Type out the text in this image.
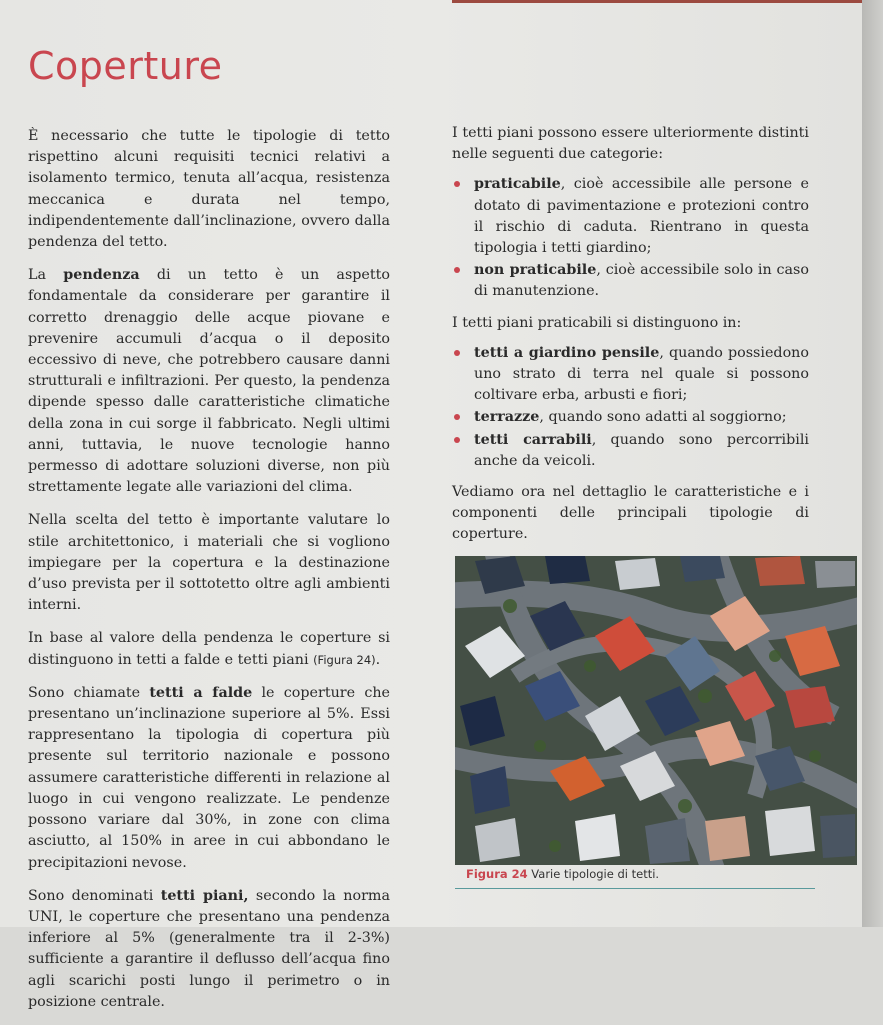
Coperture

È necessario che tutte le tipologie di tetto rispettino alcuni requisiti tecnici relativi a isolamento termico, tenuta all’acqua, resistenza meccanica e durata nel tempo, indipendentemente dall’inclinazione, ovvero dalla pendenza del tetto.

La pendenza di un tetto è un aspetto fondamentale da considerare per garantire il corretto drenaggio delle acque piovane e prevenire accumuli d’acqua o il deposito eccessivo di neve, che potrebbero causare danni strutturali e infiltrazioni. Per questo, la pendenza dipende spesso dalle caratteristiche climatiche della zona in cui sorge il fabbricato. Negli ultimi anni, tuttavia, le nuove tecnologie hanno permesso di adottare soluzioni diverse, non più strettamente legate alle variazioni del clima.

Nella scelta del tetto è importante valutare lo stile architettonico, i materiali che si vogliono impiegare per la copertura e la destinazione d’uso prevista per il sottotetto oltre agli ambienti interni.

In base al valore della pendenza le coperture si distinguono in tetti a falde e tetti piani (Figura 24).

Sono chiamate tetti a falde le coperture che presentano un’inclinazione superiore al 5%. Essi rappresentano la tipologia di copertura più presente sul territorio nazionale e possono assumere caratteristiche differenti in relazione al luogo in cui vengono realizzate. Le pendenze possono variare dal 30%, in zone con clima asciutto, al 150% in aree in cui abbondano le precipitazioni nevose.

Sono denominati tetti piani, secondo la norma UNI, le coperture che presentano una pendenza inferiore al 5% (generalmente tra il 2-3%) sufficiente a garantire il deflusso dell’acqua fino agli scarichi posti lungo il perimetro o in posizione centrale.

I tetti piani possono essere ulteriormente distinti nelle seguenti due categorie:

praticabile, cioè accessibile alle persone e dotato di pavimentazione e protezioni contro il rischio di caduta. Rientrano in questa tipologia i tetti giardino;
non praticabile, cioè accessibile solo in caso di manutenzione.

I tetti piani praticabili si distinguono in:

tetti a giardino pensile, quando possiedono uno strato di terra nel quale si possono coltivare erba, arbusti e fiori;
terrazze, quando sono adatti al soggiorno;
tetti carrabili, quando sono percorribili anche da veicoli.

Vediamo ora nel dettaglio le caratteristiche e i componenti delle principali tipologie di coperture.

Figura 24 Varie tipologie di tetti.
